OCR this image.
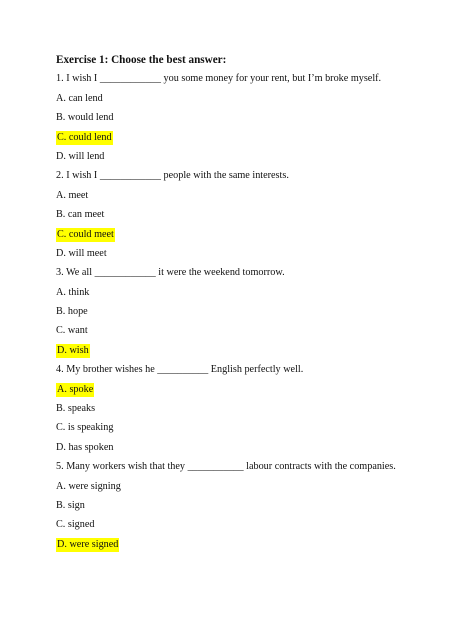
Exercise 1: Choose the best answer:
1. I wish I ____________ you some money for your rent, but I’m broke myself.
A. can lend
B. would lend
C. could lend
D. will lend
2. I wish I ____________ people with the same interests.
A. meet
B. can meet
C. could meet
D. will meet
3. We all ____________ it were the weekend tomorrow.
A. think
B. hope
C. want
D. wish
4. My brother wishes he __________ English perfectly well.
A. spoke
B. speaks
C. is speaking
D. has spoken
5. Many workers wish that they ___________ labour contracts with the companies.
A. were signing
B. sign
C. signed
D. were signed
